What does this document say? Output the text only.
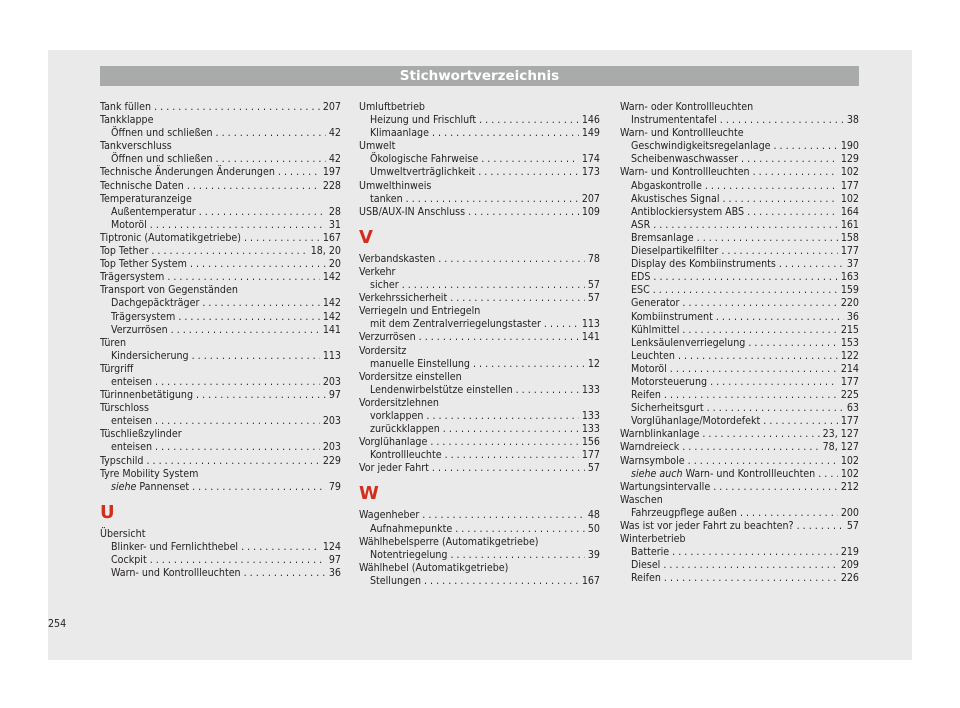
Stichwortverzeichnis
Tank füllen . . .	207
Tankklappe
Öffnen und schließen . . .	42
Tankverschluss
Öffnen und schließen . . .	42
Technische Änderungen Änderungen . . .	197
Technische Daten . . .	228
Temperaturanzeige
Außentemperatur . . .	28
Motoröl . . .	31
Tiptronic (Automatikgetriebe) . . .	167
Top Tether . . .	18, 20
Top Tether System . . .	20
Trägersystem . . .	142
Transport von Gegenständen
Dachgepäckträger . . .	142
Trägersystem . . .	142
Verzurrösen . . .	141
Türen
Kindersicherung . . .	113
Türgriff
enteisen . . .	203
Türinnenbetätigung . . .	97
Türschloss
enteisen . . .	203
Tüschließzylinder
enteisen . . .	203
Typschild . . .	229
Tyre Mobility System
siehe Pannenset . . .	79
U
Übersicht
Blinker- und Fernlichthebel . . .	124
Cockpit . . .	97
Warn- und Kontrollleuchten . . .	36
Umluftbetrieb
Heizung und Frischluft . . .	146
Klimaanlage . . .	149
Umwelt
Ökologische Fahrweise . . .	174
Umweltverträglichkeit . . .	173
Umwelthinweis
tanken . . .	207
USB/AUX-IN Anschluss . . .	109
V
Verbandskasten . . .	78
Verkehr
sicher . . .	57
Verkehrssicherheit . . .	57
Verriegeln und Entriegeln
mit dem Zentralverriegelungstaster . . .	113
Verzurrösen . . .	141
Vordersitz
manuelle Einstellung . . .	12
Vordersitze einstellen
Lendenwirbelstütze einstellen . . .	133
Vordersitzlehnen
vorklappen . . .	133
zurückklappen . . .	133
Vorglühanlage . . .	156
Kontrollleuchte . . .	177
Vor jeder Fahrt . . .	57
W
Wagenheber . . .	48
Aufnahmepunkte . . .	50
Wählhebelsperre (Automatikgetriebe)
Notentriegelung . . .	39
Wählhebel (Automatikgetriebe)
Stellungen . . .	167
Warn- oder Kontrollleuchten
Instrumententafel . . .	38
Warn- und Kontrollleuchte
Geschwindigkeitsregelanlage . . .	190
Scheibenwaschwasser . . .	129
Warn- und Kontrollleuchten . . .	102
Abgaskontrolle . . .	177
Akustisches Signal . . .	102
Antiblockiersystem ABS . . .	164
ASR . . .	161
Bremsanlage . . .	158
Dieselpartikelfilter . . .	177
Display des Kombiinstruments . . .	37
EDS . . .	163
ESC . . .	159
Generator . . .	220
Kombiinstrument . . .	36
Kühlmittel . . .	215
Lenksäulenverriegelung . . .	153
Leuchten . . .	122
Motoröl . . .	214
Motorsteuerung . . .	177
Reifen . . .	225
Sicherheitsgurt . . .	63
Vorglühanlage/Motordefekt . . .	177
Warnblinkanlage . . .	23, 127
Warndreieck . . .	78, 127
Warnsymbole . . .	102
siehe auch Warn- und Kontrollleuchten . . . 102
Wartungsintervalle . . .	212
Waschen
Fahrzeugpflege außen . . .	200
Was ist vor jeder Fahrt zu beachten? . . .	57
Winterbetrieb
Batterie . . .	219
Diesel . . .	209
Reifen . . .	226
254
